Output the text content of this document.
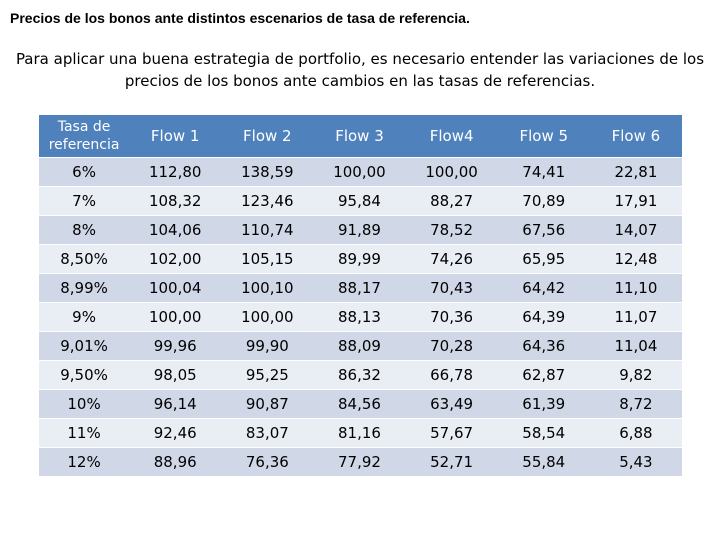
Precios de los bonos ante distintos escenarios de tasa de referencia.
Para aplicar una buena estrategia de portfolio, es necesario entender las variaciones de los precios de los bonos ante cambios en las tasas de referencias.
Tasa de referencia	Flow 1	Flow 2	Flow 3	Flow4	Flow 5	Flow 6
6%	112,80	138,59	100,00	100,00	74,41	22,81
7%	108,32	123,46	95,84	88,27	70,89	17,91
8%	104,06	110,74	91,89	78,52	67,56	14,07
8,50%	102,00	105,15	89,99	74,26	65,95	12,48
8,99%	100,04	100,10	88,17	70,43	64,42	11,10
9%	100,00	100,00	88,13	70,36	64,39	11,07
9,01%	99,96	99,90	88,09	70,28	64,36	11,04
9,50%	98,05	95,25	86,32	66,78	62,87	9,82
10%	96,14	90,87	84,56	63,49	61,39	8,72
11%	92,46	83,07	81,16	57,67	58,54	6,88
12%	88,96	76,36	77,92	52,71	55,84	5,43
